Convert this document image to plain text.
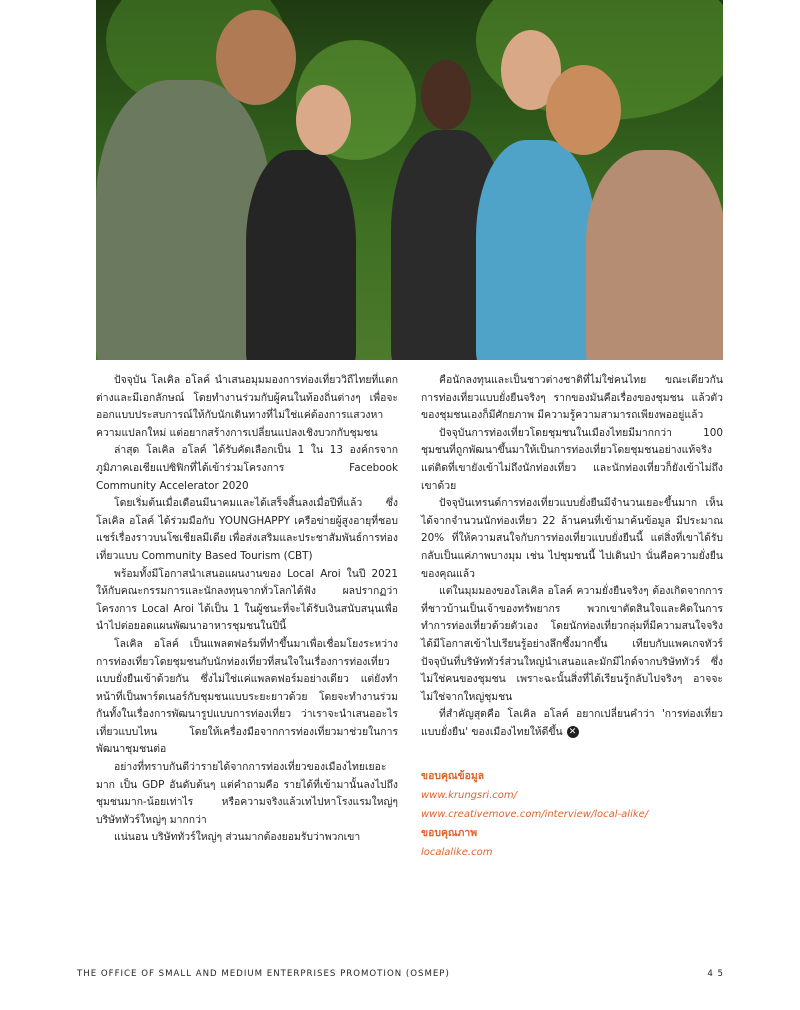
ปัจจุบัน โลเคิล อโลค์ นำเสนอมุมมองการท่องเที่ยววิถีไทยที่แตกต่างและมีเอกลักษณ์ โดยทำงานร่วมกับผู้คนในท้องถิ่นต่างๆ เพื่อจะออกแบบประสบการณ์ให้กับนักเดินทางที่ไม่ใช่แค่ต้องการแสวงหาความแปลกใหม่ แต่อยากสร้างการเปลี่ยนแปลงเชิงบวกกับชุมชน

ล่าสุด โลเคิล อโลค์ ได้รับคัดเลือกเป็น 1 ใน 13 องค์กรจากภูมิภาคเอเชียแปซิฟิกที่ได้เข้าร่วมโครงการ Facebook Community Accelerator 2020

โดยเริ่มต้นเมื่อเดือนมีนาคมและได้เสร็จสิ้นลงเมื่อปีที่แล้ว ซึ่งโลเคิล อโลค์ ได้ร่วมมือกับ YOUNGHAPPY เครือข่ายผู้สูงอายุที่ชอบแชร์เรื่องราวบนโซเชียลมีเดีย เพื่อส่งเสริมและประชาสัมพันธ์การท่องเที่ยวแบบ Community Based Tourism (CBT)

พร้อมทั้งมีโอกาสนำเสนอแผนงานของ Local Aroi ในปี 2021 ให้กับคณะกรรมการและนักลงทุนจากทั่วโลกได้ฟัง ผลปรากฏว่า โครงการ Local Aroi ได้เป็น 1 ในผู้ชนะที่จะได้รับเงินสนับสนุนเพื่อนำไปต่อยอดแผนพัฒนาอาหารชุมชนในปีนี้

โลเคิล อโลค์ เป็นแพลตฟอร์มที่ทำขึ้นมาเพื่อเชื่อมโยงระหว่างการท่องเที่ยวโดยชุมชนกับนักท่องเที่ยวที่สนใจในเรื่องการท่องเที่ยวแบบยั่งยืนเข้าด้วยกัน ซึ่งไม่ใช่แค่แพลตฟอร์มอย่างเดียว แต่ยังทำหน้าที่เป็นพาร์ตเนอร์กับชุมชนแบบระยะยาวด้วย โดยจะทำงานร่วมกันทั้งในเรื่องการพัฒนารูปแบบการท่องเที่ยว ว่าเราจะนำเสนออะไร เที่ยวแบบไหน โดยให้เครื่องมือจากการท่องเที่ยวมาช่วยในการพัฒนาชุมชนต่อ

อย่างที่ทราบกันดีว่ารายได้จากการท่องเที่ยวของเมืองไทยเยอะมาก เป็น GDP อันดับต้นๆ แต่คำถามคือ รายได้ที่เข้ามานั้นลงไปถึงชุมชนมาก-น้อยเท่าไร หรือความจริงแล้วเทไปหาโรงแรมใหญ่ๆ บริษัททัวร์ใหญ่ๆ มากกว่า

แน่นอน บริษัททัวร์ใหญ่ๆ ส่วนมากต้องยอมรับว่าพวกเขา

คือนักลงทุนและเป็นชาวต่างชาติที่ไม่ใช่คนไทย ขณะเดียวกันการท่องเที่ยวแบบยั่งยืนจริงๆ รากของมันคือเรื่องของชุมชน แล้วตัวของชุมชนเองก็มีศักยภาพ มีความรู้ความสามารถเพียงพออยู่แล้ว

ปัจจุบันการท่องเที่ยวโดยชุมชนในเมืองไทยมีมากกว่า 100 ชุมชนที่ถูกพัฒนาขึ้นมาให้เป็นการท่องเที่ยวโดยชุมชนอย่างแท้จริง แต่ติดที่เขายังเข้าไม่ถึงนักท่องเที่ยว และนักท่องเที่ยวก็ยังเข้าไม่ถึงเขาด้วย

ปัจจุบันเทรนด์การท่องเที่ยวแบบยั่งยืนมีจำนวนเยอะขึ้นมาก เห็นได้จากจำนวนนักท่องเที่ยว 22 ล้านคนที่เข้ามาค้นข้อมูล มีประมาณ 20% ที่ให้ความสนใจกับการท่องเที่ยวแบบยั่งยืนนี้ แต่สิ่งที่เขาได้รับกลับเป็นแค่ภาพบางมุม เช่น ไปชุมชนนี้ ไปเดินป่า นั่นคือความยั่งยืนของคุณแล้ว

แต่ในมุมมองของโลเคิล อโลค์ ความยั่งยืนจริงๆ ต้องเกิดจากการที่ชาวบ้านเป็นเจ้าของทรัพยากร พวกเขาตัดสินใจและคิดในการทำการท่องเที่ยวด้วยตัวเอง โดยนักท่องเที่ยวกลุ่มที่มีความสนใจจริงได้มีโอกาสเข้าไปเรียนรู้อย่างลึกซึ้งมากขึ้น เทียบกับแพคเกจทัวร์ปัจจุบันที่บริษัททัวร์ส่วนใหญ่นำเสนอและมักมีไกด์จากบริษัททัวร์ ซึ่งไม่ใช่คนของชุมชน เพราะฉะนั้นสิ่งที่ได้เรียนรู้กลับไปจริงๆ อาจจะไม่ใช่จากใหญ่ชุมชน

ที่สำคัญสุดคือ โลเคิล อโลค์ อยากเปลี่ยนคำว่า 'การท่องเที่ยวแบบยั่งยืน' ของเมืองไทยให้ดีขึ้น ✕

ขอบคุณข้อมูล
www.krungsri.com/
www.creativemove.com/interview/local-alike/
ขอบคุณภาพ
localalike.com
THE OFFICE OF SMALL AND MEDIUM ENTERPRISES PROMOTION (OSMEP)	4 5
